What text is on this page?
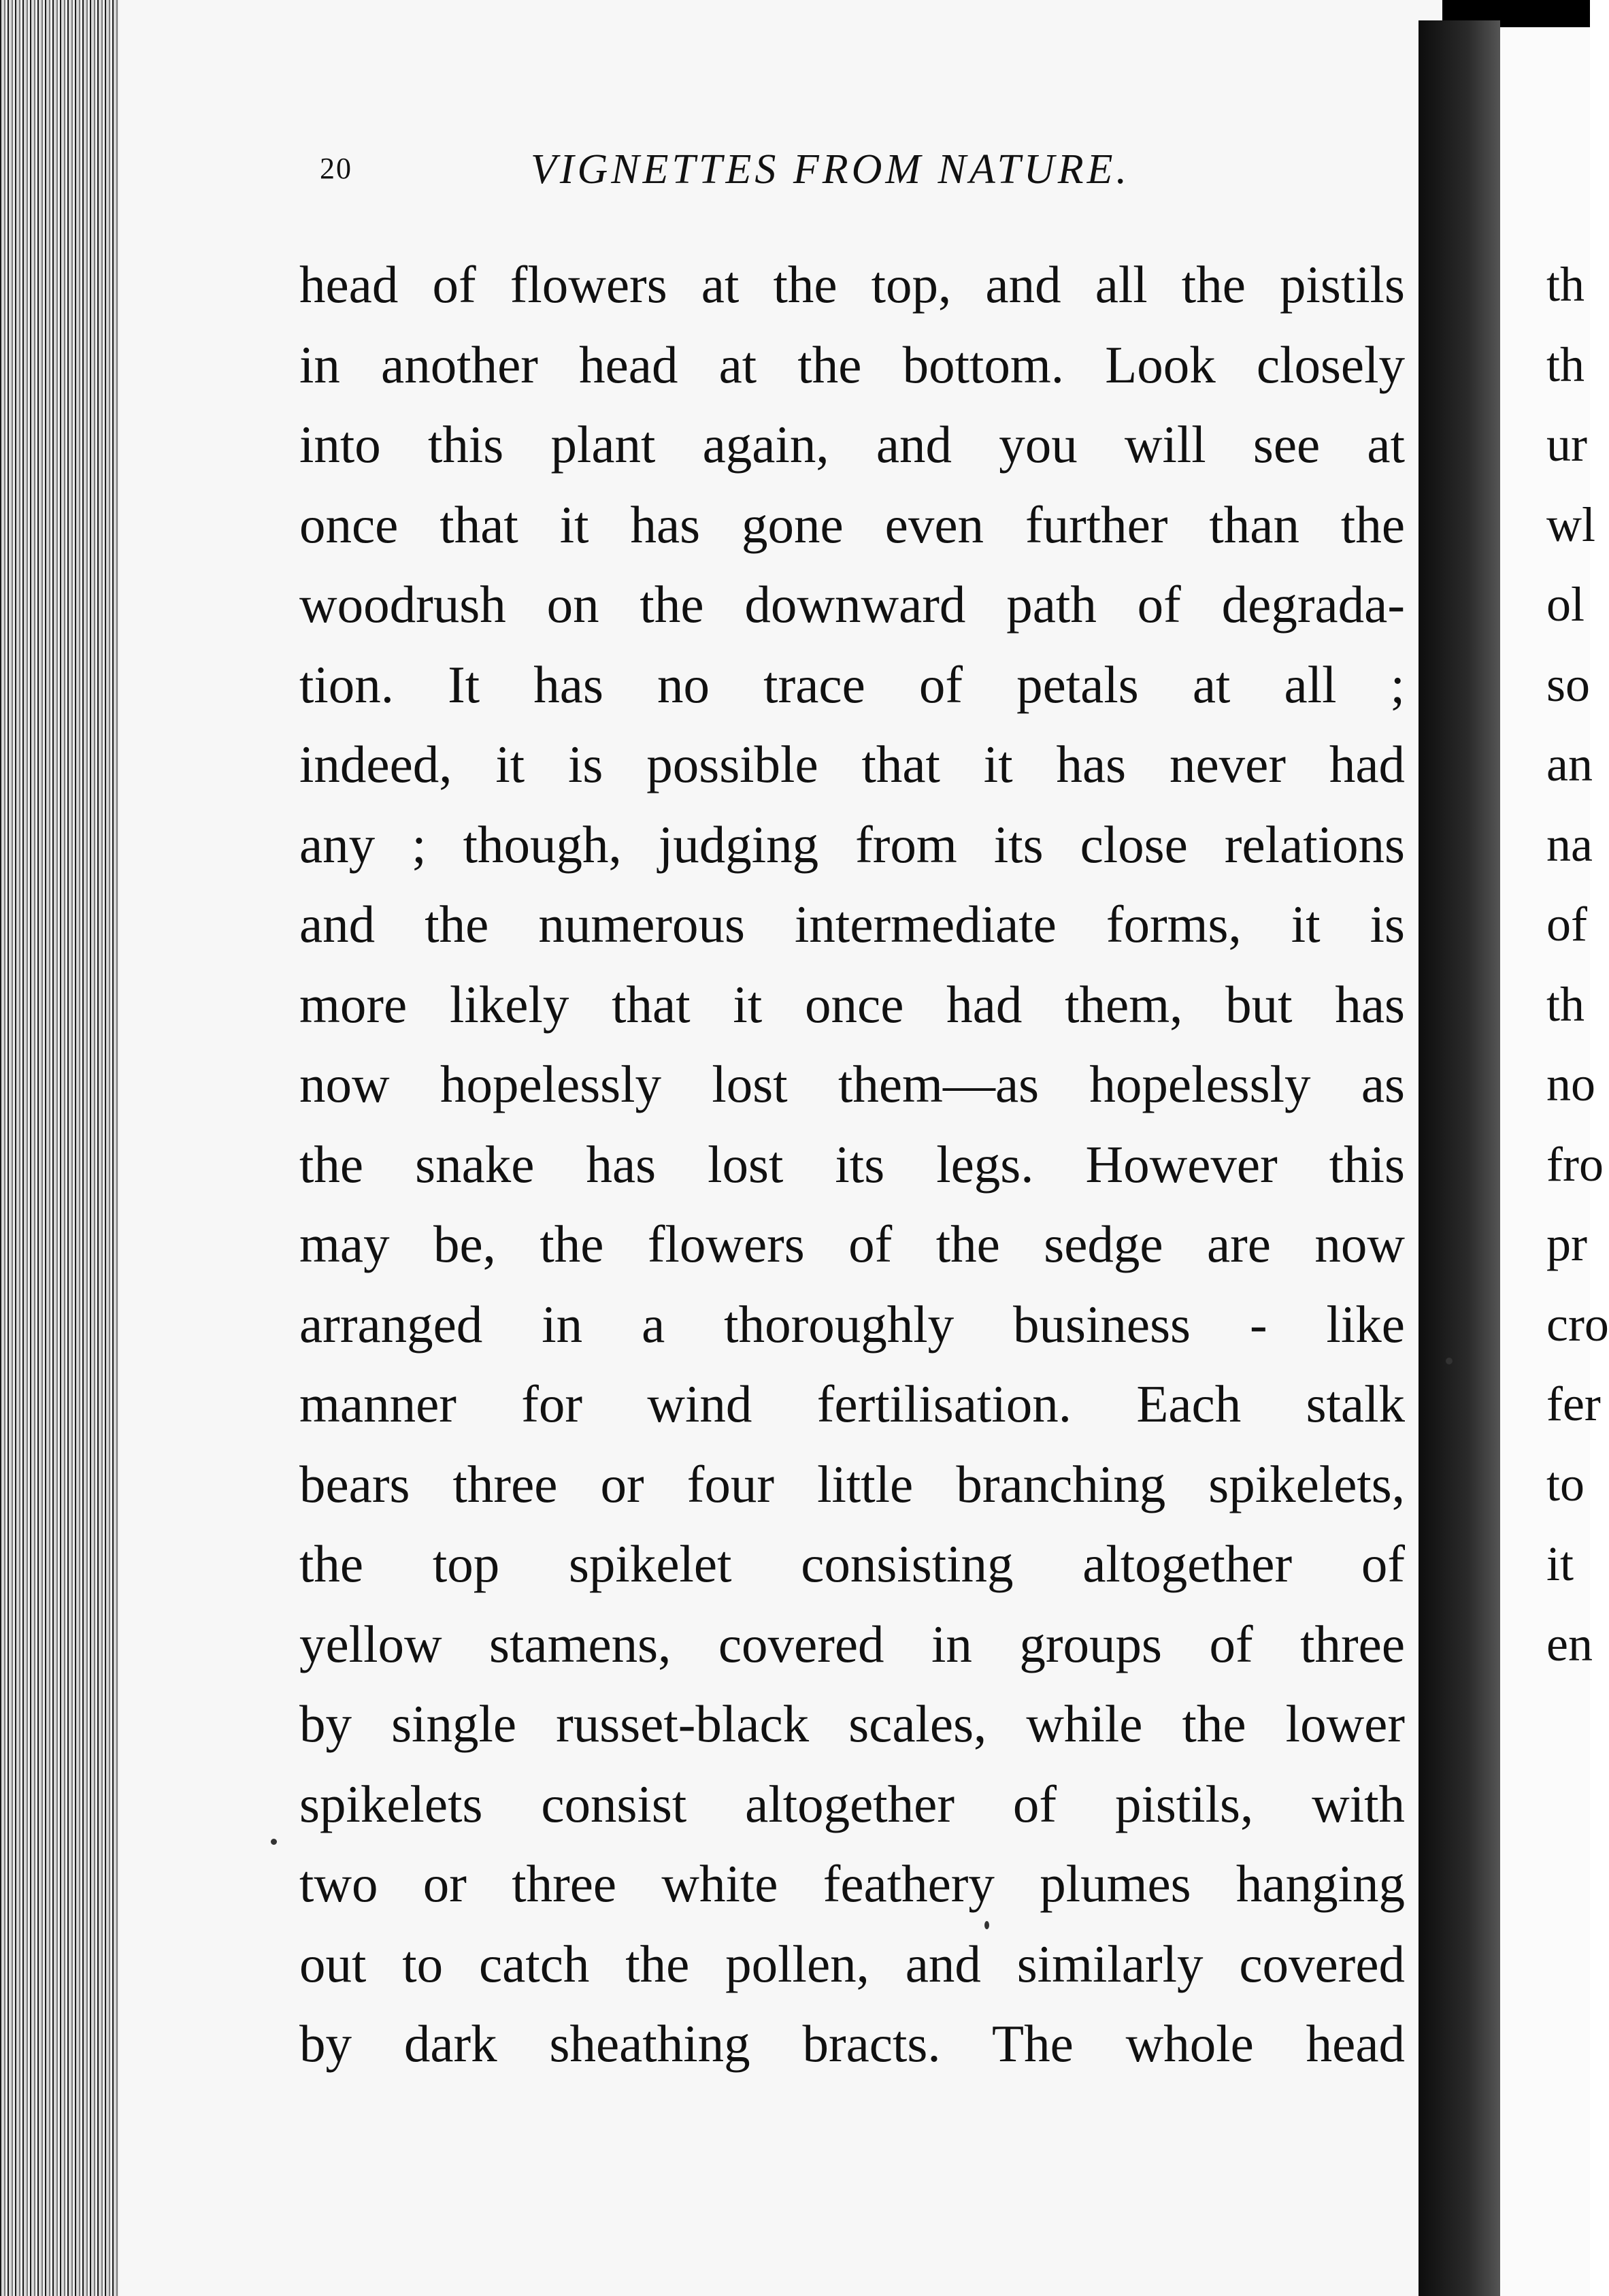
20	VIGNETTES FROM NATURE.
head of flowers at the top, and all the pistils
in another head at the bottom. Look closely
into this plant again, and you will see at
once that it has gone even further than the
woodrush on the downward path of degrada-
tion. It has no trace of petals at all ;
indeed, it is possible that it has never had
any ; though, judging from its close relations
and the numerous intermediate forms, it is
more likely that it once had them, but has
now hopelessly lost them—as hopelessly as
the snake has lost its legs. However this
may be, the flowers of the sedge are now
arranged in a thoroughly business - like
manner for wind fertilisation. Each stalk
bears three or four little branching spikelets,
the top spikelet consisting altogether of
yellow stamens, covered in groups of three
by single russet-black scales, while the lower
spikelets consist altogether of pistils, with
two or three white feathery plumes hanging
out to catch the pollen, and similarly covered
by dark sheathing bracts. The whole head
th
th
ur
wl
ol
so
an
na
of
th
no
fro
pr
cro
fer
to
it
en
